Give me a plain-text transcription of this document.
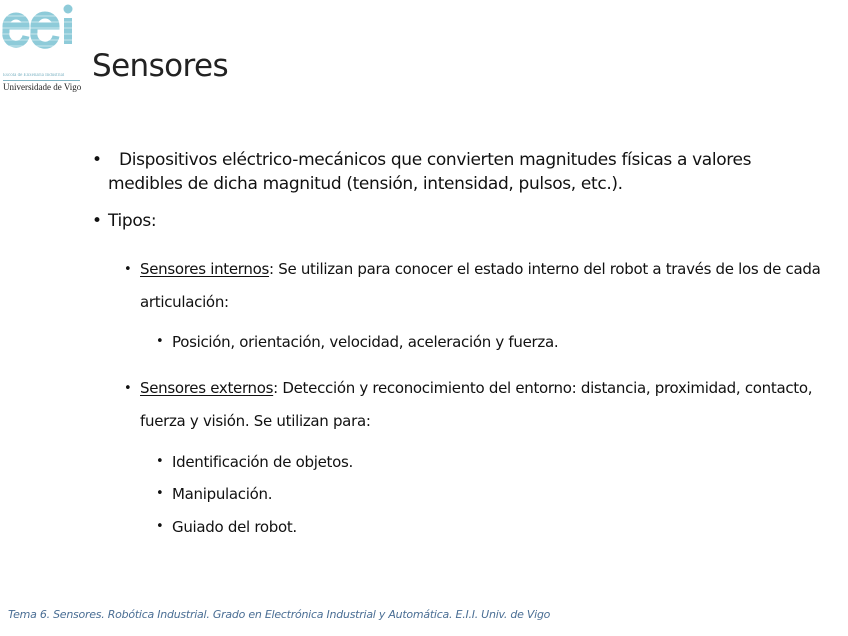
Escola de Enxeñaría Industrial
Universidade de Vigo
Sensores
•	Dispositivos eléctrico-mecánicos que convierten magnitudes físicas a valores medibles de dicha magnitud (tensión, intensidad, pulsos, etc.).
• Tipos:
• Sensores internos: Se utilizan para conocer el estado interno del robot a través de los de cada articulación:
• Posición, orientación, velocidad, aceleración y fuerza.
• Sensores externos: Detección y reconocimiento del entorno: distancia, proximidad, contacto, fuerza y visión. Se utilizan para:
• Identificación de objetos.
• Manipulación.
• Guiado del robot.
Tema 6. Sensores. Robótica Industrial. Grado en Electrónica Industrial y Automática. E.I.I. Univ. de Vigo
